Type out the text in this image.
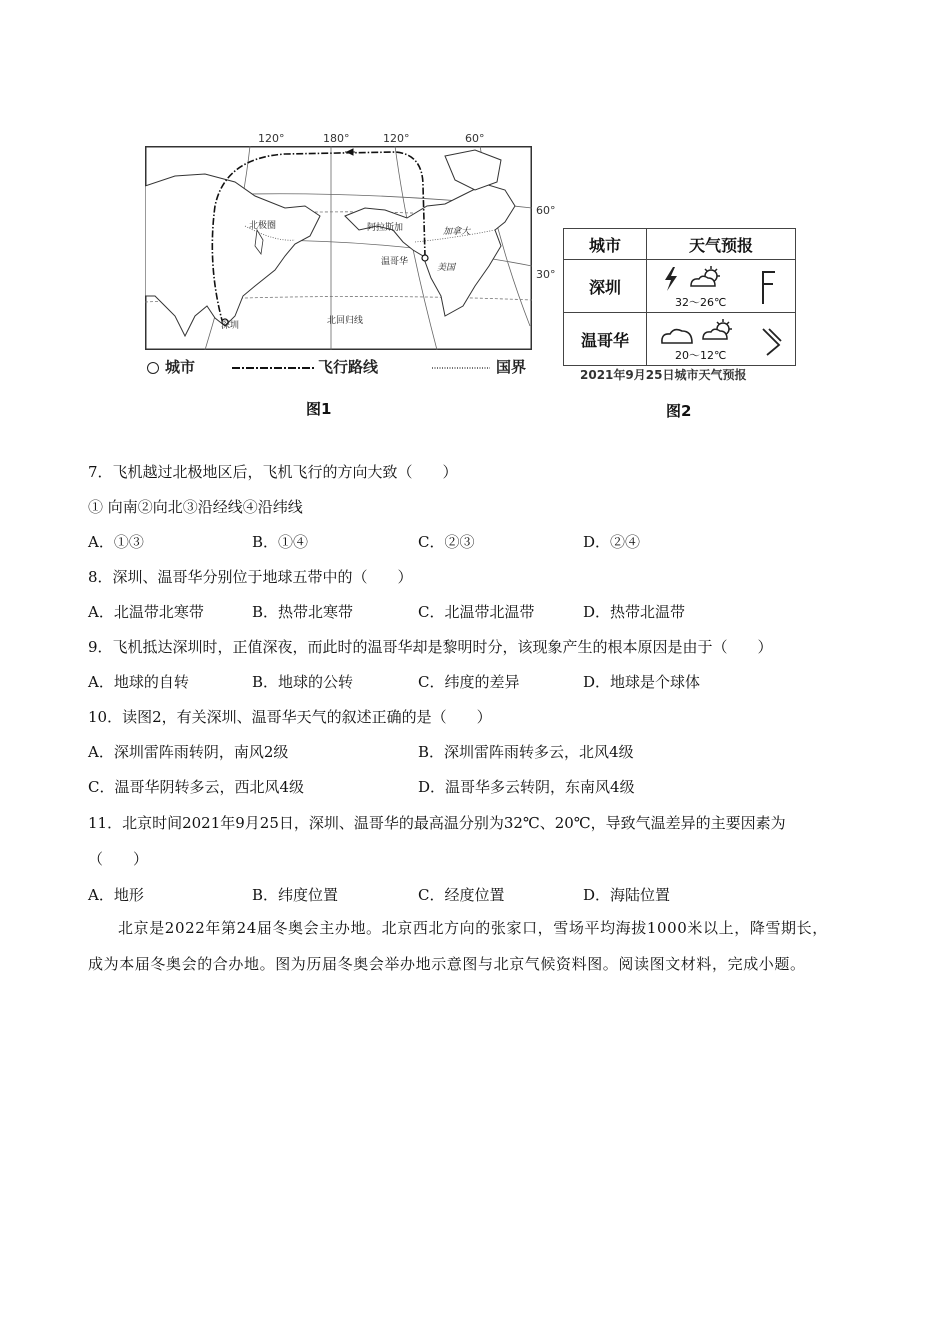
120°	180°	120°	60°
60°
30°
深圳
温哥华
北极圈
北回归线
美国
加拿大
阿拉斯加
城市	飞行路线	国界
图1
城市	天气预报
深圳	32～26℃

温哥华	20～12℃
2021年9月25日城市天气预报
图2
7．飞机越过北极地区后，飞机飞行的方向大致（　　）
① 向南②向北③沿经线④沿纬线
A．①③	B．①④	C．②③	D．②④
8．深圳、温哥华分别位于地球五带中的（　　）
A．北温带北寒带	B．热带北寒带	C．北温带北温带	D．热带北温带
9．飞机抵达深圳时，正值深夜，而此时的温哥华却是黎明时分，该现象产生的根本原因是由于（　　）
A．地球的自转	B．地球的公转	C．纬度的差异	D．地球是个球体
10．读图2，有关深圳、温哥华天气的叙述正确的是（　　）
A．深圳雷阵雨转阴，南风2级	B．深圳雷阵雨转多云，北风4级
C．温哥华阴转多云，西北风4级	D．温哥华多云转阴，东南风4级
11．北京时间2021年9月25日，深圳、温哥华的最高温分别为32℃、20℃，导致气温差异的主要因素为
（　　）
A．地形	B．纬度位置	C．经度位置	D．海陆位置
北京是2022年第24届冬奥会主办地。北京西北方向的张家口，雪场平均海拔1000米以上，降雪期长，
成为本届冬奥会的合办地。图为历届冬奥会举办地示意图与北京气候资料图。阅读图文材料，完成小题。
